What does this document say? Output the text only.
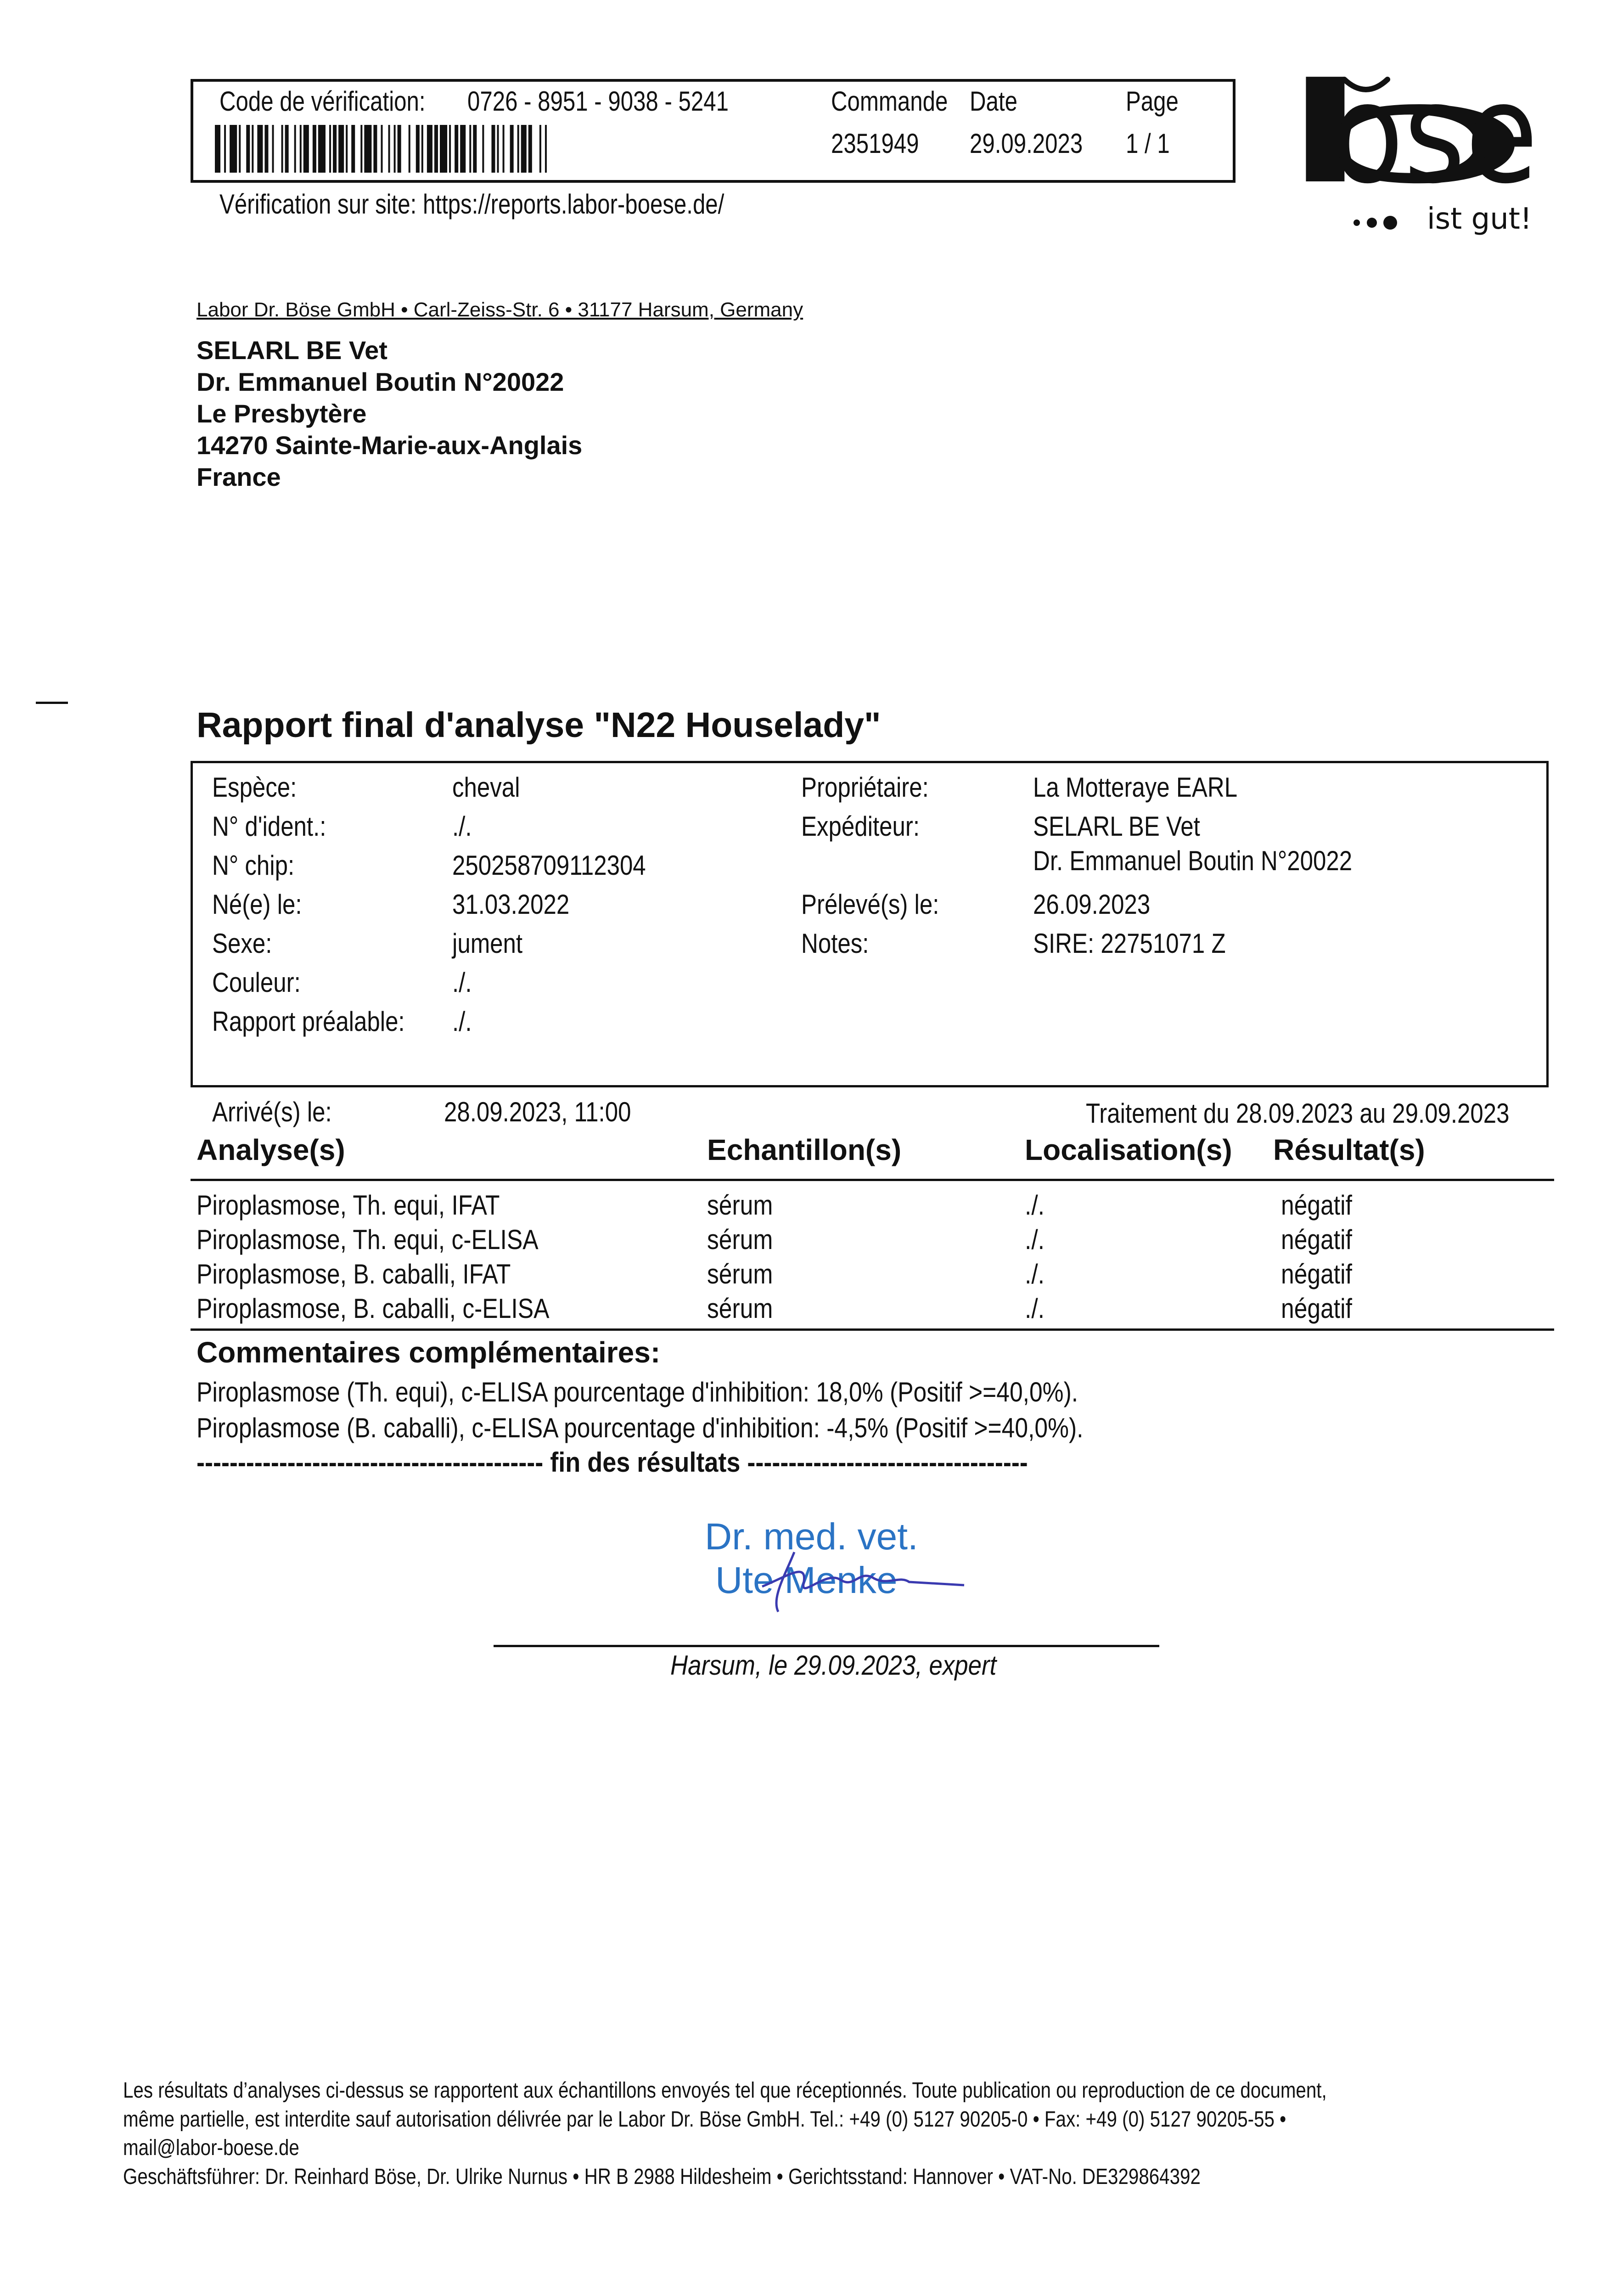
Code de vérification: 0726 - 8951 - 9038 - 5241	Commande Date	Page
2351949 29.09.2023 1 / 1
Vérification sur site: https://reports.labor-boese.de/	b
ose
ist gut!
Labor Dr. Böse GmbH • Carl-Zeiss-Str. 6 • 31177 Harsum, Germany
SELARL BE Vet
Dr. Emmanuel Boutin N°20022
Le Presbytère
14270 Sainte-Marie-aux-Anglais
France
Rapport final d'analyse "N22 Houselady"
Espèce:	cheval
N° d'ident.:	./.
N° chip:	250258709112304
Né(e) le:	31.03.2022
Sexe:	jument
Couleur:	./.
Rapport préalable: ./.
Propriétaire:	La Motteraye EARL
Expéditeur:	SELARL BE Vet
Dr. Emmanuel Boutin N°20022
Prélevé(s) le:	26.09.2023
Notes:	SIRE: 22751071 Z
Arrivé(s) le:	28.09.2023, 11:00	Traitement du 28.09.2023 au 29.09.2023
Analyse(s)	Echantillon(s)	Localisation(s) Résultat(s)
Piroplasmose, Th. equi, IFAT	sérum	./.	négatif
Piroplasmose, Th. equi, c-ELISA	sérum	./.	négatif
Piroplasmose, B. caballi, IFAT	sérum	./.	négatif
Piroplasmose, B. caballi, c-ELISA	sérum	./.	négatif
Commentaires complémentaires:
Piroplasmose (Th. equi), c-ELISA pourcentage d'inhibition: 18,0% (Positif >=40,0%).
Piroplasmose (B. caballi), c-ELISA pourcentage d'inhibition: -4,5% (Positif >=40,0%).
------------------------------------------ fin des résultats ----------------------------------
Dr. med. vet.
Ute Menke
Harsum, le 29.09.2023, expert
Les résultats d’analyses ci-dessus se rapportent aux échantillons envoyés tel que réceptionnés. Toute publication ou reproduction de ce document,
même partielle, est interdite sauf autorisation délivrée par le Labor Dr. Böse GmbH. Tel.: +49 (0) 5127 90205-0 • Fax: +49 (0) 5127 90205-55 •
mail@labor-boese.de
Geschäftsführer: Dr. Reinhard Böse, Dr. Ulrike Nurnus • HR B 2988 Hildesheim • Gerichtsstand: Hannover • VAT-No. DE329864392
